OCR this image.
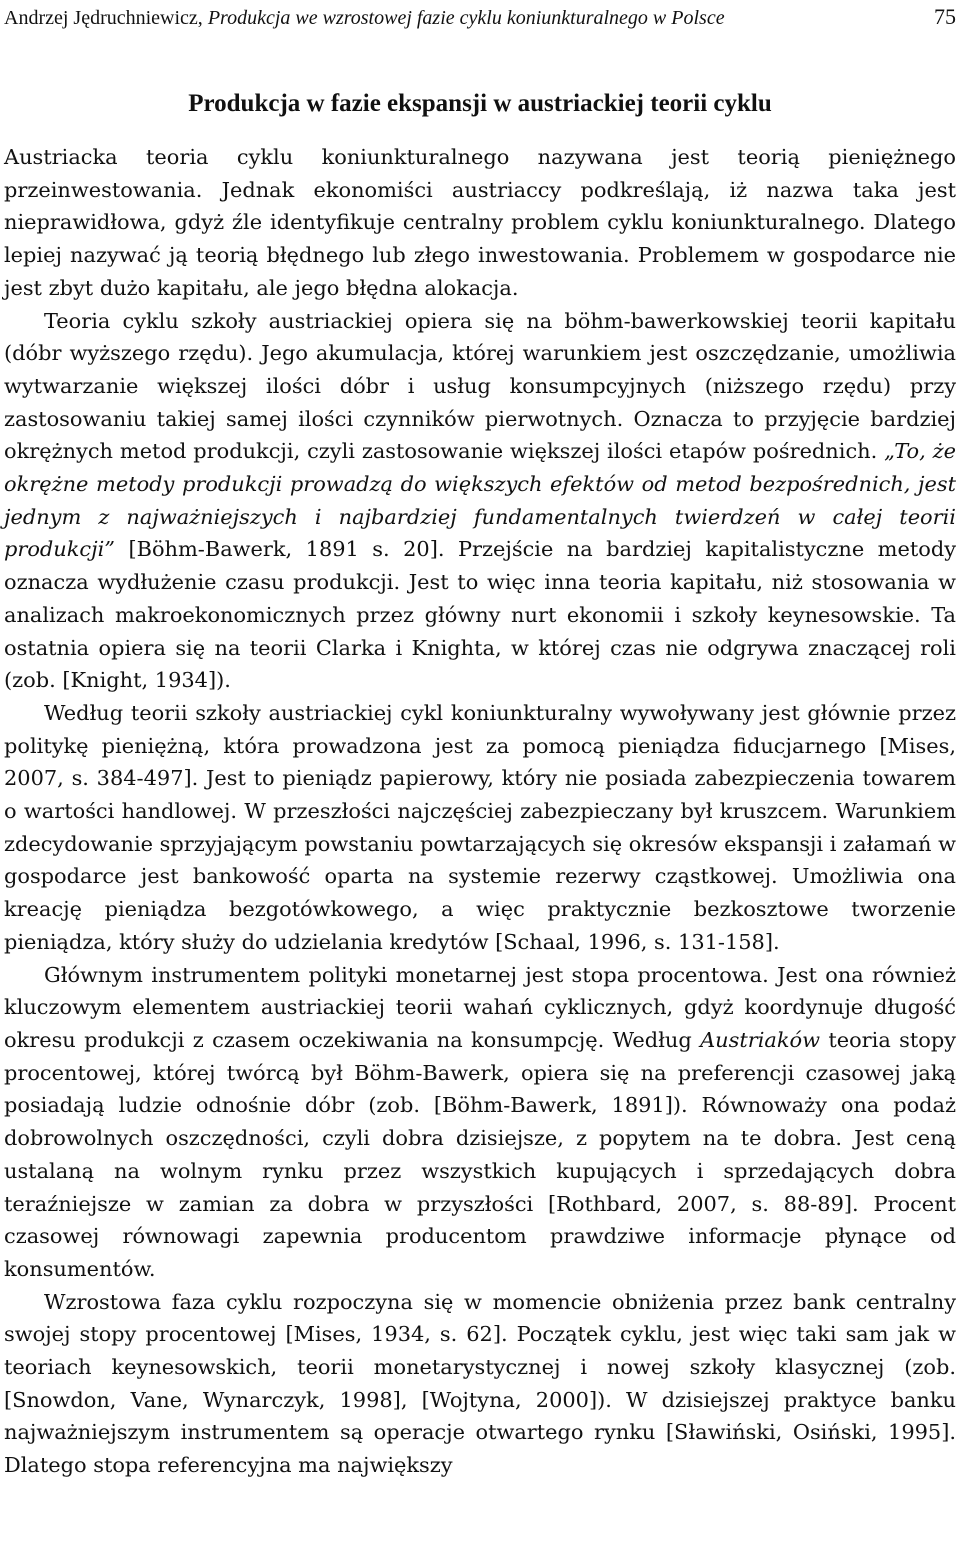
Andrzej Jędruchniewicz, Produkcja we wzrostowej fazie cyklu koniunkturalnego w Polsce	75
Produkcja w fazie ekspansji w austriackiej teorii cyklu

Austriacka teoria cyklu koniunkturalnego nazywana jest teorią pieniężnego przeinwestowania. Jednak ekonomiści austriaccy podkreślają, iż nazwa taka jest nieprawidłowa, gdyż źle identyfikuje centralny problem cyklu koniunkturalnego. Dlatego lepiej nazywać ją teorią błędnego lub złego inwestowania. Problemem w gospodarce nie jest zbyt dużo kapitału, ale jego błędna alokacja.

Teoria cyklu szkoły austriackiej opiera się na böhm-bawerkowskiej teorii kapitału (dóbr wyższego rzędu). Jego akumulacja, której warunkiem jest oszczędzanie, umożliwia wytwarzanie większej ilości dóbr i usług konsumpcyjnych (niższego rzędu) przy zastosowaniu takiej samej ilości czynników pierwotnych. Oznacza to przyjęcie bardziej okrężnych metod produkcji, czyli zastosowanie większej ilości etapów pośrednich. „To, że okrężne metody produkcji prowadzą do większych efektów od metod bezpośrednich, jest jednym z najważniejszych i najbardziej fundamentalnych twierdzeń w całej teorii produkcji” [Böhm-Bawerk, 1891 s. 20]. Przejście na bardziej kapitalistyczne metody oznacza wydłużenie czasu produkcji. Jest to więc inna teoria kapitału, niż stosowania w analizach makroekonomicznych przez główny nurt ekonomii i szkoły keynesowskie. Ta ostatnia opiera się na teorii Clarka i Knighta, w której czas nie odgrywa znaczącej roli (zob. [Knight, 1934]).

Według teorii szkoły austriackiej cykl koniunkturalny wywoływany jest głównie przez politykę pieniężną, która prowadzona jest za pomocą pieniądza fiducjarnego [Mises, 2007, s. 384-497]. Jest to pieniądz papierowy, który nie posiada zabezpieczenia towarem o wartości handlowej. W przeszłości najczęściej zabezpieczany był kruszcem. Warunkiem zdecydowanie sprzyjającym powstaniu powtarzających się okresów ekspansji i załamań w gospodarce jest bankowość oparta na systemie rezerwy cząstkowej. Umożliwia ona kreację pieniądza bezgotówkowego, a więc praktycznie bezkosztowe tworzenie pieniądza, który służy do udzielania kredytów [Schaal, 1996, s. 131-158].

Głównym instrumentem polityki monetarnej jest stopa procentowa. Jest ona również kluczowym elementem austriackiej teorii wahań cyklicznych, gdyż koordynuje długość okresu produkcji z czasem oczekiwania na konsumpcję. Według Austriaków teoria stopy procentowej, której twórcą był Böhm-Bawerk, opiera się na preferencji czasowej jaką posiadają ludzie odnośnie dóbr (zob. [Böhm-Bawerk, 1891]). Równoważy ona podaż dobrowolnych oszczędności, czyli dobra dzisiejsze, z popytem na te dobra. Jest ceną ustalaną na wolnym rynku przez wszystkich kupujących i sprzedających dobra teraźniejsze w zamian za dobra w przyszłości [Rothbard, 2007, s. 88-89]. Procent czasowej równowagi zapewnia producentom prawdziwe informacje płynące od konsumentów.

Wzrostowa faza cyklu rozpoczyna się w momencie obniżenia przez bank centralny swojej stopy procentowej [Mises, 1934, s. 62]. Początek cyklu, jest więc taki sam jak w teoriach keynesowskich, teorii monetarystycznej i nowej szkoły klasycznej (zob. [Snowdon, Vane, Wynarczyk, 1998], [Wojtyna, 2000]). W dzisiejszej praktyce banku najważniejszym instrumentem są operacje otwartego rynku [Sławiński, Osiński, 1995]. Dlatego stopa referencyjna ma największy
